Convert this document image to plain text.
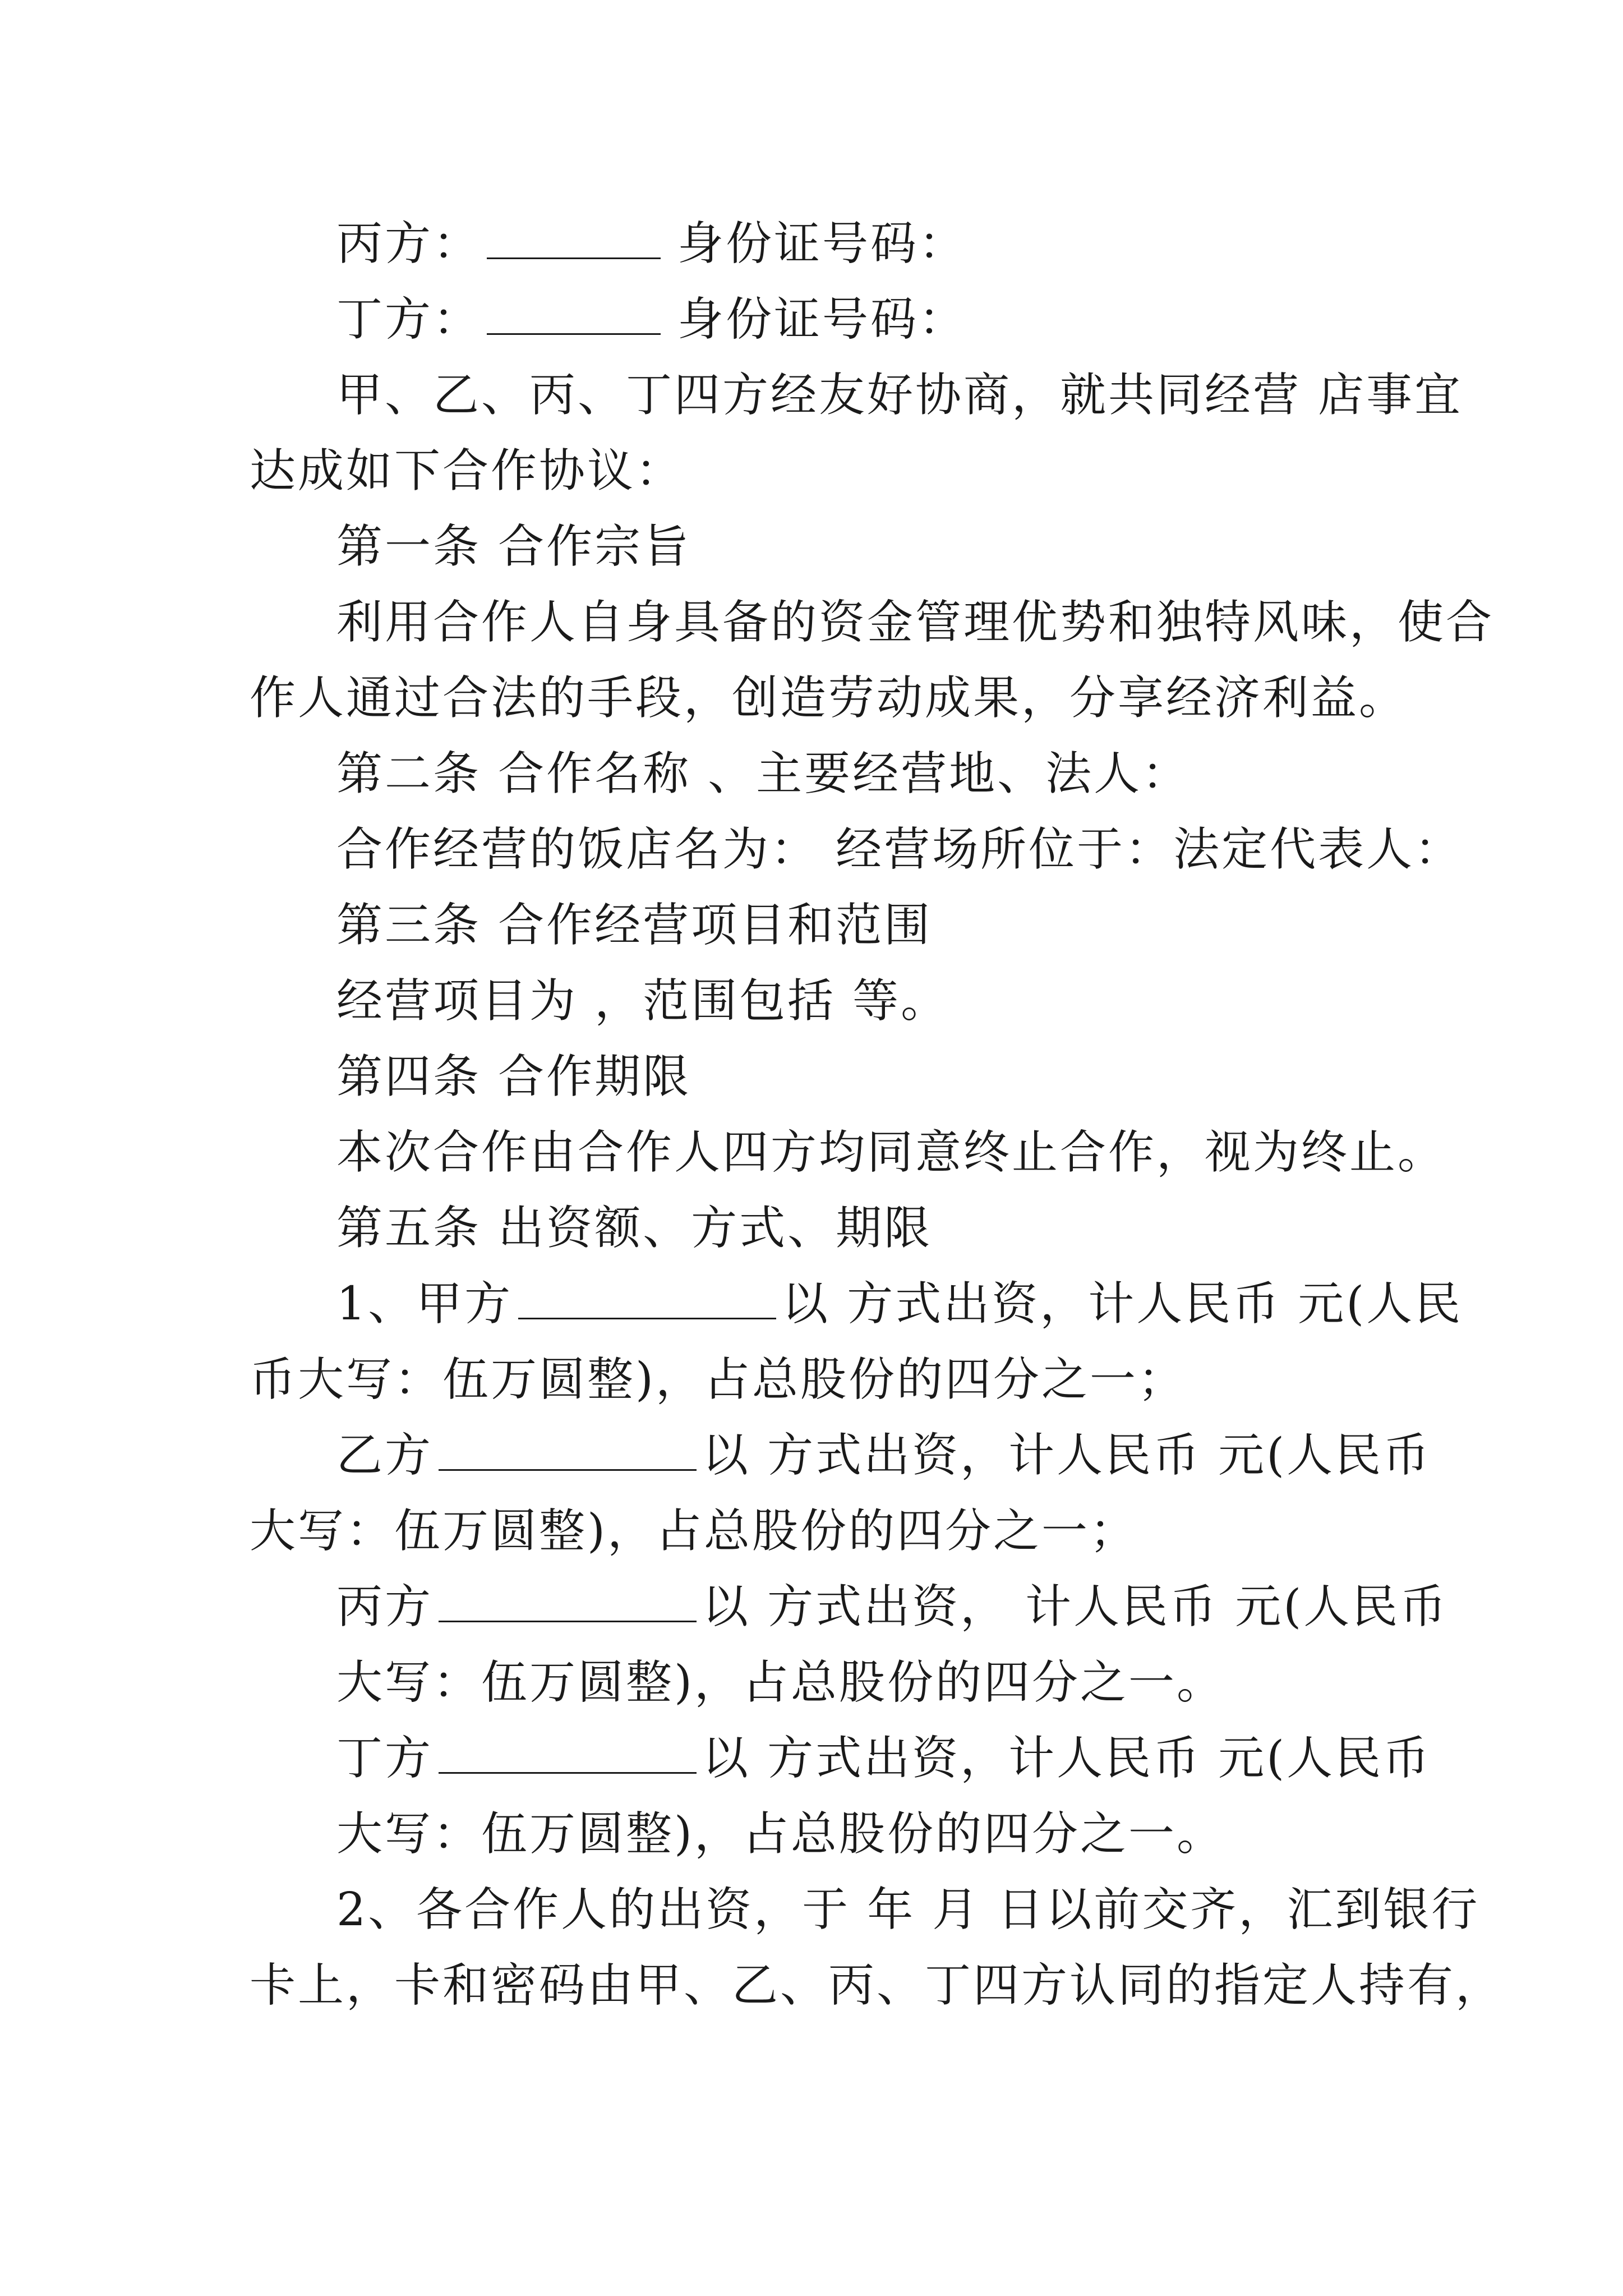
丙方：	身份证号码：
丁方：	身份证号码：
甲、乙、丙、丁四方经友好协商，就共同经营 店事宜
达成如下合作协议：
第一条 合作宗旨
利用合作人自身具备的资金管理优势和独特风味，使合
作人通过合法的手段，创造劳动成果，分享经济利益。
第二条 合作名称 、主要经营地、法人：
合作经营的饭店名为： 经营场所位于：法定代表人：
第三条 合作经营项目和范围
经营项目为 ，范围包括 等。
第四条 合作期限
本次合作由合作人四方均同意终止合作，视为终止。
第五条 出资额、方式、期限
1、甲方	以 方式出资，计人民币 元(人民
币大写：伍万圆整)，占总股份的四分之一；
乙方	以 方式出资，计人民币 元(人民币
大写：伍万圆整)，占总股份的四分之一；
丙方	以 方式出资， 计人民币 元(人民币
大写：伍万圆整)，占总股份的四分之一。
丁方	以 方式出资，计人民币 元(人民币
大写：伍万圆整)，占总股份的四分之一。
2、各合作人的出资，于 年 月 日以前交齐，汇到银行
卡上，卡和密码由甲、乙、丙、丁四方认同的指定人持有，
